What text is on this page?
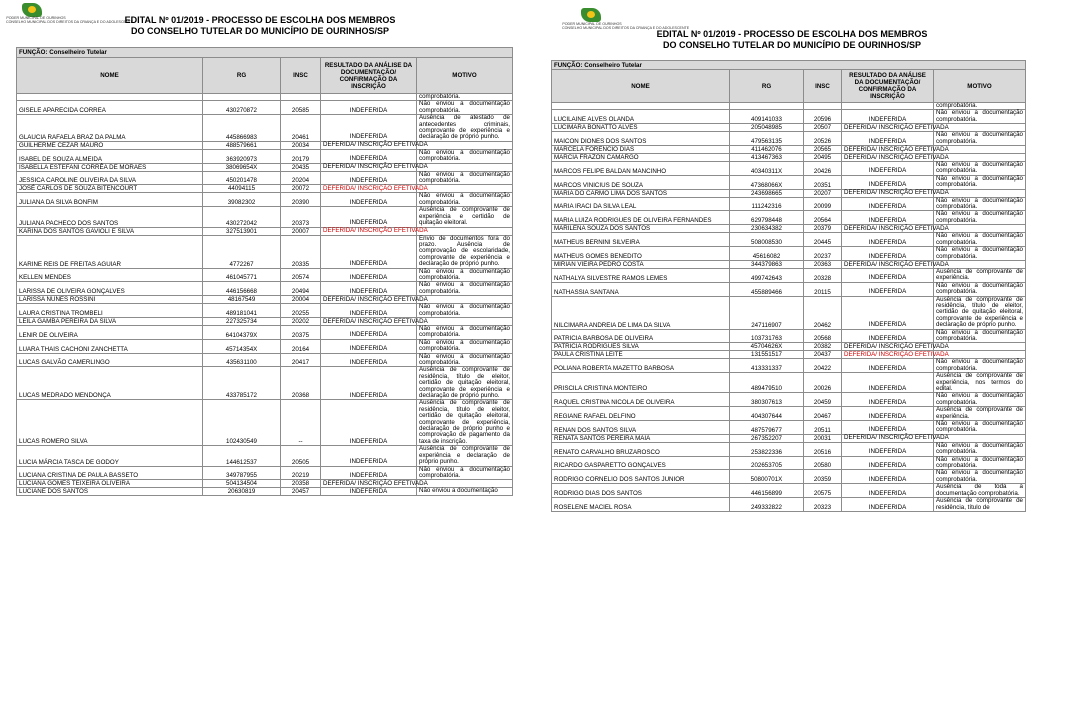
PODER MUNICIPAL DE OURINHOS
CONSELHO MUNICIPAL DOS DIREITOS DA CRIANÇA E DO ADOLESCENTE
EDITAL Nº 01/2019 - PROCESSO DE ESCOLHA DOS MEMBROS
DO CONSELHO TUTELAR DO MUNICÍPIO DE OURINHOS/SP
FUNÇÃO: Conselheiro Tutelar				
NOME	RG	INSC	RESULTADO DA ANÁLISE DA DOCUMENTAÇÃO/ CONFIRMAÇÃO DA INSCRIÇÃO	MOTIVO
				comprobatória.
GISELE APARECIDA CORREA	430270872	20585	INDEFERIDA	Não enviou a documentação comprobatória.
GLAUCIA RAFAELA BRAZ DA PALMA	445866983	20461	INDEFERIDA	Ausência de atestado de antecedentes criminais, comprovante de experiência e declaração de próprio punho.
GUILHERME CEZAR MAURO	488579661	20034	DEFERIDA/ INSCRIÇÃO EFETIVADA	
ISABEL DE SOUZA ALMEIDA	363920973	20179	INDEFERIDA	Não enviou a documentação comprobatória.
ISABELLA ESTEFANI CORRÊA DE MORAES	38069654X	20435	DEFERIDA/ INSCRIÇÃO EFETIVADA	
JESSICA CAROLINE OLIVEIRA DA SILVA	450201478	20204	INDEFERIDA	Não enviou a documentação comprobatória.
JOSÉ CARLOS DE SOUZA BITENCOURT	44094115	20072	DEFERIDA/ INSCRIÇÃO EFETIVADA	
JULIANA DA SILVA BONFIM	39082302	20390	INDEFERIDA	Não enviou a documentação comprobatória.
JULIANA PACHECO DOS SANTOS	430272042	20373	INDEFERIDA	Ausência de comprovante de experiência e certidão de quitação eleitoral.
KARINA DOS SANTOS GAVIOLI E SILVA	327513901	20007	DEFERIDA/ INSCRIÇÃO EFETIVADA	
KARINE REIS DE FREITAS AGUIAR	4772267	20335	INDEFERIDA	Envio de documentos fora do prazo. Ausência de comprovação de escolaridade, comprovante de experiência e declaração de próprio punho.
KELLEN MENDES	461045771	20574	INDEFERIDA	Não enviou a documentação comprobatória.
LARISSA DE OLIVEIRA GONÇALVES	446156668	20494	INDEFERIDA	Não enviou a documentação comprobatória.
LARISSA NUNES ROSSINI	48167549	20004	DEFERIDA/ INSCRIÇÃO EFETIVADA	
LAURA CRISTINA TROMBELI	489181041	20255	INDEFERIDA	Não enviou a documentação comprobatória.
LEILA GAMBA PEREIRA DA SILVA	227325734	20202	DEFERIDA/ INSCRIÇÃO EFETIVADA	
LENIR DE OLIVEIRA	64104379X	20375	INDEFERIDA	Não enviou a documentação comprobatória.
LUARA THAIS CACHONI ZANCHETTA	45714354X	20164	INDEFERIDA	Não enviou a documentação comprobatória.
LUCAS GALVÃO CAMERLINGO	435631100	20417	INDEFERIDA	Não enviou a documentação comprobatória.
LUCAS MEDRADO MENDONÇA	433785172	20368	INDEFERIDA	Ausência de comprovante de residência, título de eleitor, certidão de quitação eleitoral, comprovante de experiência e declaração de próprio punho.
LUCAS ROMERO SILVA	102430549	--	INDEFERIDA	Ausência de comprovante de residência, título de eleitor, certidão de quitação eleitoral, comprovante de experiência, declaração de próprio punho e comprovação de pagamento da taxa de inscrição.
LUCIA MÁRCIA TASCA DE GODOY	144612537	20505	INDEFERIDA	Ausência de comprovante de experiência e declaração de próprio punho.
LUCIANA CRISTINA DE PAULA BASSETO	349787955	20219	INDEFERIDA	Não enviou a documentação comprobatória.
LUCIANA GOMES TEIXEIRA OLIVEIRA	504134504	20358	DEFERIDA/ INSCRIÇÃO EFETIVADA	
LUCIANE DOS SANTOS	20630819	20457	INDEFERIDA	Não enviou a documentação
PODER MUNICIPAL DE OURINHOS
CONSELHO MUNICIPAL DOS DIREITOS DA CRIANÇA E DO ADOLESCENTE
EDITAL Nº 01/2019 - PROCESSO DE ESCOLHA DOS MEMBROS
DO CONSELHO TUTELAR DO MUNICÍPIO DE OURINHOS/SP
FUNÇÃO: Conselheiro Tutelar				
NOME	RG	INSC	RESULTADO DA ANÁLISE DA DOCUMENTAÇÃO/ CONFIRMAÇÃO DA INSCRIÇÃO	MOTIVO
				comprobatória.
LUCILAINE ALVES OLANDA	409141033	20596	INDEFERIDA	Não enviou a documentação comprobatória.
LUCIMARA BONATTO ALVES	205048985	20507	DEFERIDA/ INSCRIÇÃO EFETIVADA	
MAICON DIONES DOS SANTOS	479563135	20526	INDEFERIDA	Não enviou a documentação comprobatória.
MARCELA FORENCIO DIAS	411462076	20565	DEFERIDA/ INSCRIÇÃO EFETIVADA	
MARCIA FRAZON CAMARGO	413467363	20495	DEFERIDA/ INSCRIÇÃO EFETIVADA	
MARCOS FELIPE BALDAN MANCINHO	40340311X	20426	INDEFERIDA	Não enviou a documentação comprobatória.
MARCOS VINICIUS DE SOUZA	47368066X	20351	INDEFERIDA	Não enviou a documentação comprobatória.
MARIA DO CARMO LIMA DOS SANTOS	243698665	20207	DEFERIDA/ INSCRIÇÃO EFETIVADA	
MARIA IRACI DA SILVA LEAL	111242316	20099	INDEFERIDA	Não enviou a documentação comprobatória.
MARIA LUIZA RODRIGUES DE OLIVEIRA FERNANDES	629798448	20564	INDEFERIDA	Não enviou a documentação comprobatória.
MARILENA SOUZA DOS SANTOS	230634382	20379	DEFERIDA/ INSCRIÇÃO EFETIVADA	
MATHEUS BERNINI SILVEIRA	508008530	20445	INDEFERIDA	Não enviou a documentação comprobatória.
MATHEUS GOMES BENEDITO	45616082	20237	INDEFERIDA	Não enviou a documentação comprobatória.
MIRIAN VIEIRA PEDRO COSTA	344379863	20363	DEFERIDA/ INSCRIÇÃO EFETIVADA	
NATHALYA SILVESTRE RAMOS LEMES	499742643	20328	INDEFERIDA	Ausência de comprovante de experiência.
NATHASSIA SANTANA	455889466	20115	INDEFERIDA	Não enviou a documentação comprobatória.
NILCIMARA ANDREIA DE LIMA DA SILVA	247116907	20462	INDEFERIDA	Ausência de comprovante de residência, título de eleitor, certidão de quitação eleitoral, comprovante de experiência e declaração de próprio punho.
PATRICIA BARBOSA DE OLIVEIRA	103731763	20568	INDEFERIDA	Não enviou a documentação comprobatória.
PATRICIA RODRIGUES SILVA	45704626X	20382	DEFERIDA/ INSCRIÇÃO EFETIVADA	
PAULA CRISTINA LEITE	131551517	20437	DEFERIDA/ INSCRIÇÃO EFETIVADA	
POLIANA ROBERTA MAZETTO BARBOSA	413331337	20422	INDEFERIDA	Não enviou a documentação comprobatória.
PRISCILA CRISTINA MONTEIRO	489479510	20026	INDEFERIDA	Ausência de comprovante de experiência, nos termos do edital.
RAQUEL CRISTINA NICOLA DE OLIVEIRA	380307613	20459	INDEFERIDA	Não enviou a documentação comprobatória.
REGIANE RAFAEL DELFINO	404307644	20467	INDEFERIDA	Ausência de comprovante de experiência.
RENAN DOS SANTOS SILVA	487579677	20511	INDEFERIDA	Não enviou a documentação comprobatória.
RENATA SANTOS PEREIRA MAIA	267352207	20031	DEFERIDA/ INSCRIÇÃO EFETIVADA	
RENATO CARVALHO BRUZAROSCO	253822336	20516	INDEFERIDA	Não enviou a documentação comprobatória.
RICARDO GASPARETTO GONÇALVES	202653705	20580	INDEFERIDA	Não enviou a documentação comprobatória.
RODRIGO CORNELIO DOS SANTOS JUNIOR	50800701X	20359	INDEFERIDA	Não enviou a documentação comprobatória.
RODRIGO DIAS DOS SANTOS	446156899	20575	INDEFERIDA	Ausência de toda a documentação comprobatória.
ROSELENE MACIEL ROSA	249332822	20323	INDEFERIDA	Ausência de comprovante de residência, título de
